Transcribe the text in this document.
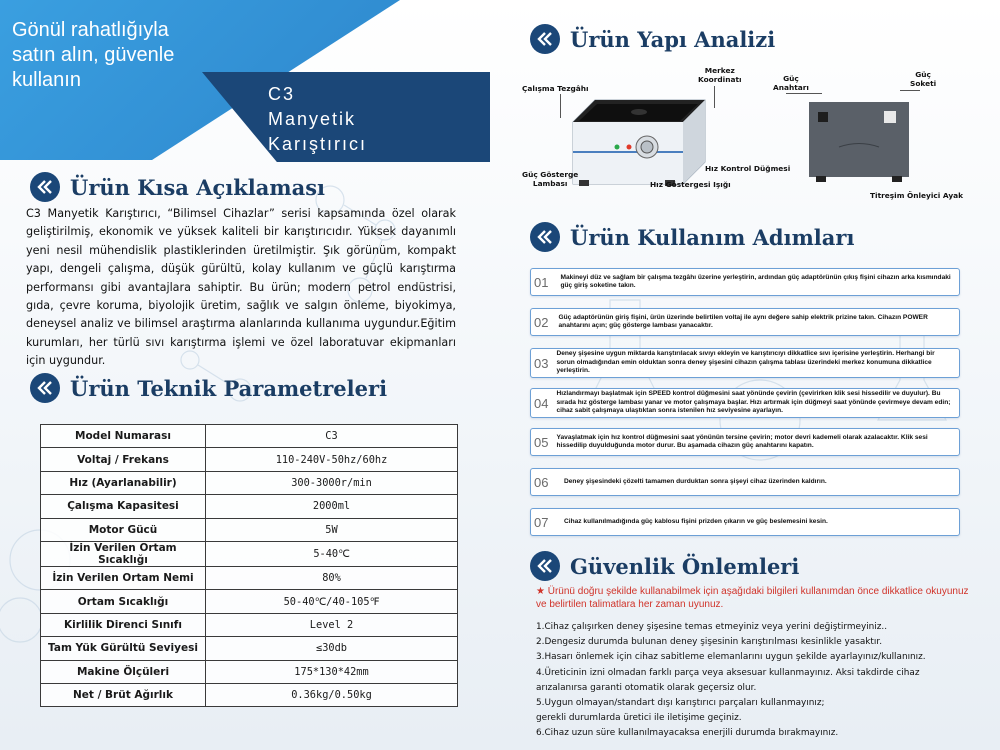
Gönül rahatlığıyla
satın alın, güvenle
kullanın
C3
Manyetik
Karıştırıcı
Ürün Kısa Açıklaması
C3 Manyetik Karıştırıcı, “Bilimsel Cihazlar” serisi kapsamında özel olarak geliştirilmiş, ekonomik ve yüksek kaliteli bir karıştırıcıdır. Yüksek dayanımlı yeni nesil mühendislik plastiklerinden üretilmiştir. Şık görünüm, kompakt yapı, dengeli çalışma, düşük gürültü, kolay kullanım ve güçlü karıştırma performansı gibi avantajlara sahiptir. Bu ürün; modern petrol endüstrisi, gıda, çevre koruma, biyolojik üretim, sağlık ve salgın önleme, biyokimya, deneysel analiz ve bilimsel araştırma alanlarında kullanıma uygundur.Eğitim kurumları, her türlü sıvı karıştırma işlemi ve özel laboratuvar ekipmanları için uygundur.
Ürün Teknik Parametreleri
Model Numarası	C3
Voltaj / Frekans	110-240V-50hz/60hz
Hız (Ayarlanabilir)	300-3000r/min
Çalışma Kapasitesi	2000ml
Motor Gücü	5W
İzin Verilen Ortam Sıcaklığı	5-40℃
İzin Verilen Ortam Nemi	80%
Ortam Sıcaklığı	50-40℃/40-105℉
Kirlilik Direnci Sınıfı	Level 2
Tam Yük Gürültü Seviyesi	≤30db
Makine Ölçüleri	175*130*42mm
Net / Brüt Ağırlık	0.36kg/0.50kg
Ürün Yapı Analizi
Merkez
Koordinatı
Çalışma Tezgâhı
Güç
Anahtarı
Güç
Soketi
Hız Kontrol Düğmesi
Güç Gösterge
Lambası	Hız Göstergesi Işığı
Titreşim Önleyici Ayak
Ürün Kullanım Adımları
01	Makineyi düz ve sağlam bir çalışma tezgâhı üzerine yerleştirin, ardından güç adaptörünün çıkış fişini cihazın arka kısmındaki güç giriş soketine takın.
02	Güç adaptörünün giriş fişini, ürün üzerinde belirtilen voltaj ile aynı değere sahip elektrik prizine takın. Cihazın POWER anahtarını açın; güç gösterge lambası yanacaktır.
03
Deney şişesine uygun miktarda karıştırılacak sıvıyı ekleyin ve karıştırıcıyı dikkatlice sıvı içerisine yerleştirin. Herhangi bir sorun olmadığından emin olduktan sonra deney şişesini cihazın çalışma tablası üzerindeki merkez konumuna dikkatlice yerleştirin.
04
Hızlandırmayı başlatmak için SPEED kontrol düğmesini saat yönünde çevirin (çevirirken klik sesi hissedilir ve duyulur). Bu sırada hız gösterge lambası yanar ve motor çalışmaya başlar. Hızı artırmak için düğmeyi saat yönünde çevirmeye devam edin; cihaz sabit çalışmaya ulaştıktan sonra istenilen hız seviyesine ayarlayın.
05 Yavaşlatmak için hız kontrol düğmesini saat yönünün tersine çevirin; motor devri kademeli olarak azalacaktır. Klik sesi hissedilip duyulduğunda motor durur. Bu aşamada cihazın güç anahtarını kapatın.
06	Deney şişesindeki çözelti tamamen durduktan sonra şişeyi cihaz üzerinden kaldırın.
07	Cihaz kullanılmadığında güç kablosu fişini prizden çıkarın ve güç beslemesini kesin.
Güvenlik Önlemleri
★ Ürünü doğru şekilde kullanabilmek için aşağıdaki bilgileri kullanımdan önce dikkatlice okuyunuz ve belirtilen talimatlara her zaman uyunuz.
1.Cihaz çalışırken deney şişesine temas etmeyiniz veya yerini değiştirmeyiniz..
2.Dengesiz durumda bulunan deney şişesinin karıştırılması kesinlikle yasaktır.
3.Hasarı önlemek için cihaz sabitleme elemanlarını uygun şekilde ayarlayınız/kullanınız.
4.Üreticinin izni olmadan farklı parça veya aksesuar kullanmayınız. Aksi takdirde cihaz
arızalanırsa garanti otomatik olarak geçersiz olur.
5.Uygun olmayan/standart dışı karıştırıcı parçaları kullanmayınız;
gerekli durumlarda üretici ile iletişime geçiniz.
6.Cihaz uzun süre kullanılmayacaksa enerjili durumda bırakmayınız.
